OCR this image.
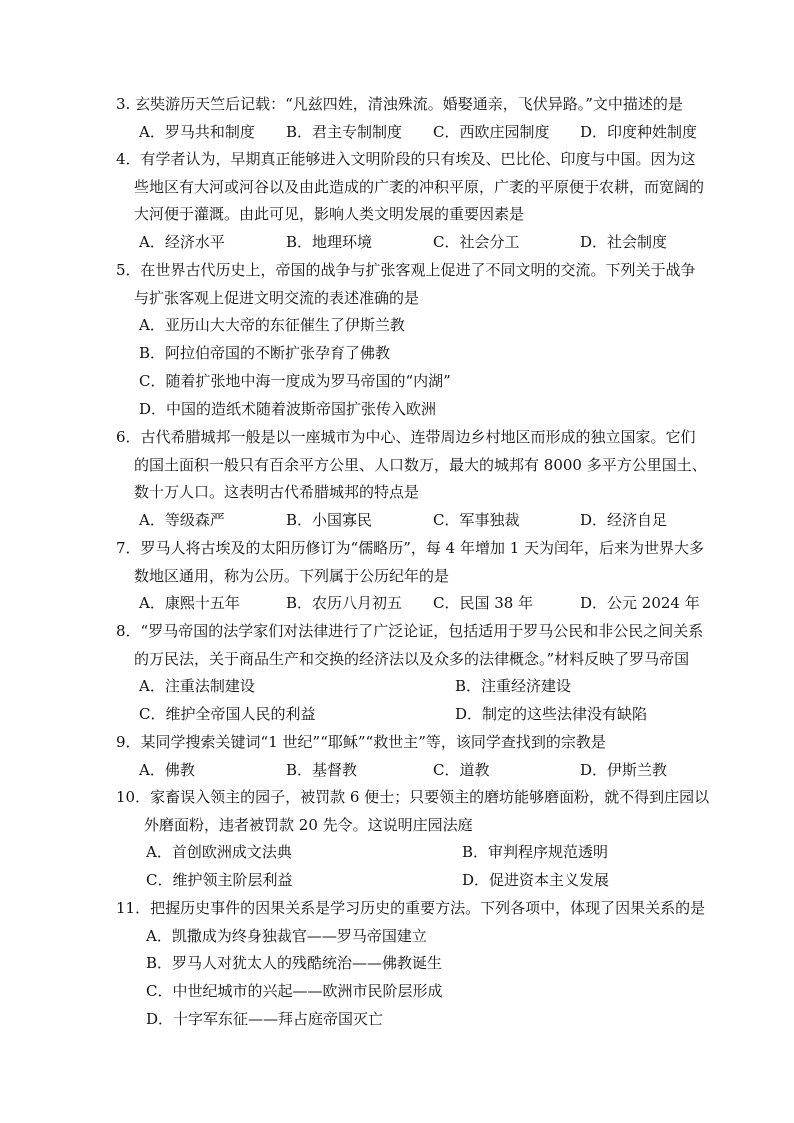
3. 玄奘游历天竺后记载：“凡兹四姓，清浊殊流。婚娶通亲，飞伏异路。”文中描述的是
A．罗马共和制度	B．君主专制制度	C．西欧庄园制度	D．印度种姓制度
4．有学者认为，早期真正能够进入文明阶段的只有埃及、巴比伦、印度与中国。因为这
些地区有大河或河谷以及由此造成的广袤的冲积平原，广袤的平原便于农耕，而宽阔的
大河便于灌溉。由此可见，影响人类文明发展的重要因素是
A．经济水平	B．地理环境	C．社会分工	D．社会制度
5．在世界古代历史上，帝国的战争与扩张客观上促进了不同文明的交流。下列关于战争
与扩张客观上促进文明交流的表述准确的是
A．亚历山大大帝的东征催生了伊斯兰教
B．阿拉伯帝国的不断扩张孕育了佛教
C．随着扩张地中海一度成为罗马帝国的“内湖”
D．中国的造纸术随着波斯帝国扩张传入欧洲
6．古代希腊城邦一般是以一座城市为中心、连带周边乡村地区而形成的独立国家。它们
的国土面积一般只有百余平方公里、人口数万，最大的城邦有 8000 多平方公里国土、
数十万人口。这表明古代希腊城邦的特点是
A．等级森严	B．小国寡民	C．军事独裁	D．经济自足
7．罗马人将古埃及的太阳历修订为“儒略历”，每 4 年增加 1 天为闰年，后来为世界大多
数地区通用，称为公历。下列属于公历纪年的是
A．康熙十五年	B．农历八月初五	C．民国 38 年	D．公元 2024 年
8．“罗马帝国的法学家们对法律进行了广泛论证，包括适用于罗马公民和非公民之间关系
的万民法，关于商品生产和交换的经济法以及众多的法律概念。”材料反映了罗马帝国
A．注重法制建设	B．注重经济建设
C．维护全帝国人民的利益	D．制定的这些法律没有缺陷
9．某同学搜索关键词“1 世纪”“耶稣”“救世主”等，该同学查找到的宗教是
A．佛教	B．基督教	C．道教	D．伊斯兰教
10．家畜误入领主的园子，被罚款 6 便士；只要领主的磨坊能够磨面粉，就不得到庄园以
外磨面粉，违者被罚款 20 先令。这说明庄园法庭
A．首创欧洲成文法典	B．审判程序规范透明
C．维护领主阶层利益	D．促进资本主义发展
11．把握历史事件的因果关系是学习历史的重要方法。下列各项中，体现了因果关系的是
A．凯撒成为终身独裁官——罗马帝国建立
B．罗马人对犹太人的残酷统治——佛教诞生
C．中世纪城市的兴起——欧洲市民阶层形成
D．十字军东征——拜占庭帝国灭亡
